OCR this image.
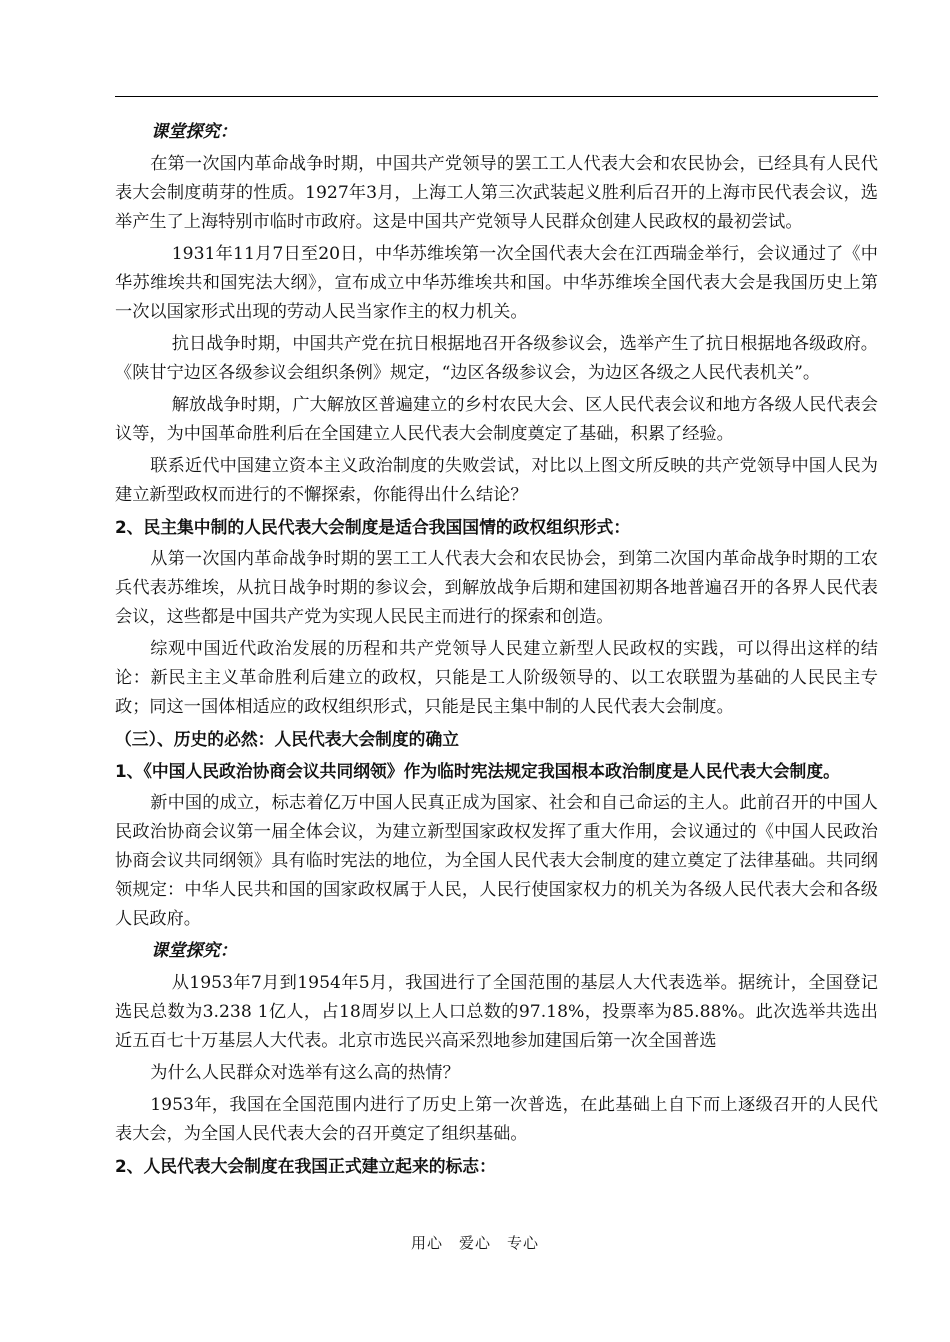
课堂探究：

在第一次国内革命战争时期，中国共产党领导的罢工工人代表大会和农民协会，已经具有人民代表大会制度萌芽的性质。1927年3月，上海工人第三次武装起义胜利后召开的上海市民代表会议，选举产生了上海特别市临时市政府。这是中国共产党领导人民群众创建人民政权的最初尝试。

1931年11月7日至20日，中华苏维埃第一次全国代表大会在江西瑞金举行，会议通过了《中华苏维埃共和国宪法大纲》，宣布成立中华苏维埃共和国。中华苏维埃全国代表大会是我国历史上第一次以国家形式出现的劳动人民当家作主的权力机关。

抗日战争时期，中国共产党在抗日根据地召开各级参议会，选举产生了抗日根据地各级政府。《陕甘宁边区各级参议会组织条例》规定，“边区各级参议会，为边区各级之人民代表机关”。

解放战争时期，广大解放区普遍建立的乡村农民大会、区人民代表会议和地方各级人民代表会议等，为中国革命胜利后在全国建立人民代表大会制度奠定了基础，积累了经验。

联系近代中国建立资本主义政治制度的失败尝试，对比以上图文所反映的共产党领导中国人民为建立新型政权而进行的不懈探索，你能得出什么结论？

2、民主集中制的人民代表大会制度是适合我国国情的政权组织形式：

从第一次国内革命战争时期的罢工工人代表大会和农民协会，到第二次国内革命战争时期的工农兵代表苏维埃，从抗日战争时期的参议会，到解放战争后期和建国初期各地普遍召开的各界人民代表会议，这些都是中国共产党为实现人民民主而进行的探索和创造。

综观中国近代政治发展的历程和共产党领导人民建立新型人民政权的实践，可以得出这样的结论：新民主主义革命胜利后建立的政权，只能是工人阶级领导的、以工农联盟为基础的人民民主专政；同这一国体相适应的政权组织形式，只能是民主集中制的人民代表大会制度。

（三）、历史的必然：人民代表大会制度的确立

1、《中国人民政治协商会议共同纲领》作为临时宪法规定我国根本政治制度是人民代表大会制度。

新中国的成立，标志着亿万中国人民真正成为国家、社会和自己命运的主人。此前召开的中国人民政治协商会议第一届全体会议，为建立新型国家政权发挥了重大作用，会议通过的《中国人民政治协商会议共同纲领》具有临时宪法的地位，为全国人民代表大会制度的建立奠定了法律基础。共同纲领规定：中华人民共和国的国家政权属于人民，人民行使国家权力的机关为各级人民代表大会和各级人民政府。

课堂探究：

从1953年7月到1954年5月，我国进行了全国范围的基层人大代表选举。据统计，全国登记选民总数为3.238 1亿人，占18周岁以上人口总数的97.18%，投票率为85.88%。此次选举共选出近五百七十万基层人大代表。北京市选民兴高采烈地参加建国后第一次全国普选

为什么人民群众对选举有这么高的热情？

1953年，我国在全国范围内进行了历史上第一次普选，在此基础上自下而上逐级召开的人民代表大会，为全国人民代表大会的召开奠定了组织基础。

2、人民代表大会制度在我国正式建立起来的标志：

用心　爱心　专心
